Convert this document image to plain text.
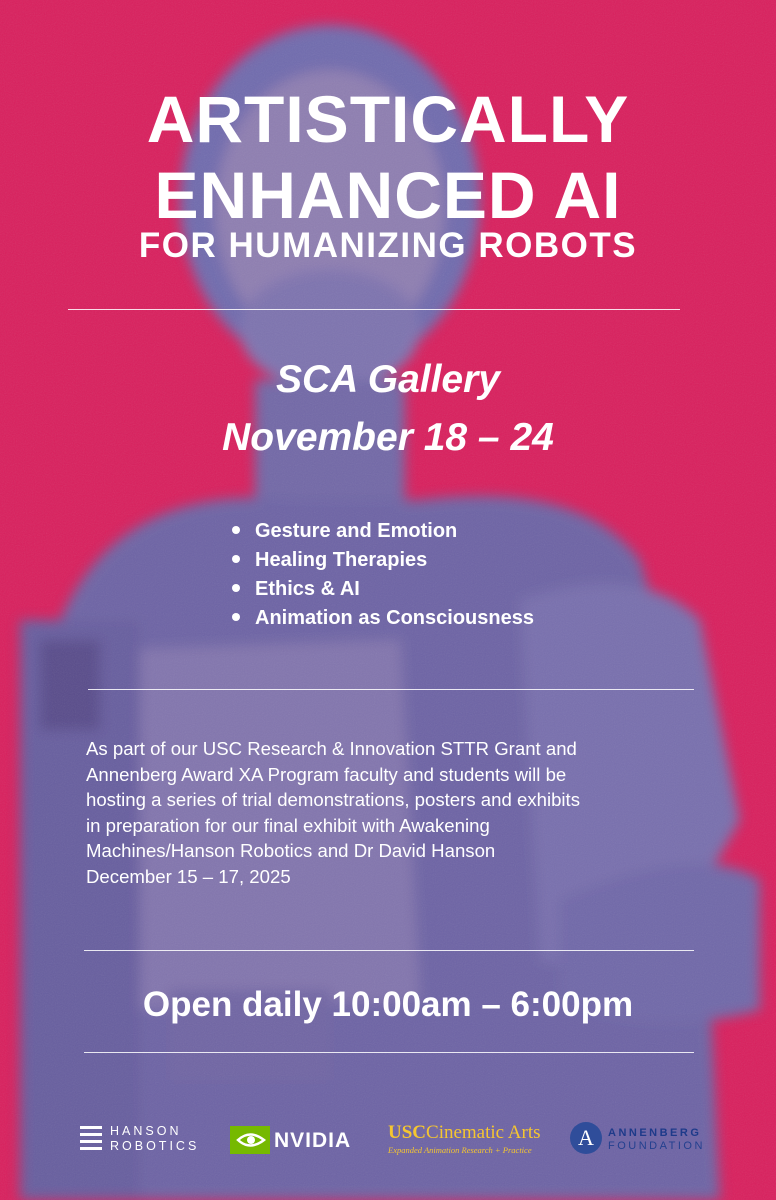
ARTISTICALLY
ENHANCED AI
FOR HUMANIZING ROBOTS

SCA Gallery

November 18 – 24

Gesture and Emotion
Healing Therapies
Ethics & AI
Animation as Consciousness

As part of our USC Research & Innovation STTR Grant and
Annenberg Award XA Program faculty and students will be
hosting a series of trial demonstrations, posters and exhibits
in preparation for our final exhibit with Awakening
Machines/Hanson Robotics and Dr David Hanson
December 15 – 17, 2025

Open daily 10:00am – 6:00pm

HANSON
ROBOTICS	NVIDIA USCCinematic Arts
Expanded Animation Research + Practice	A	ANNENBERG
FOUNDATION
